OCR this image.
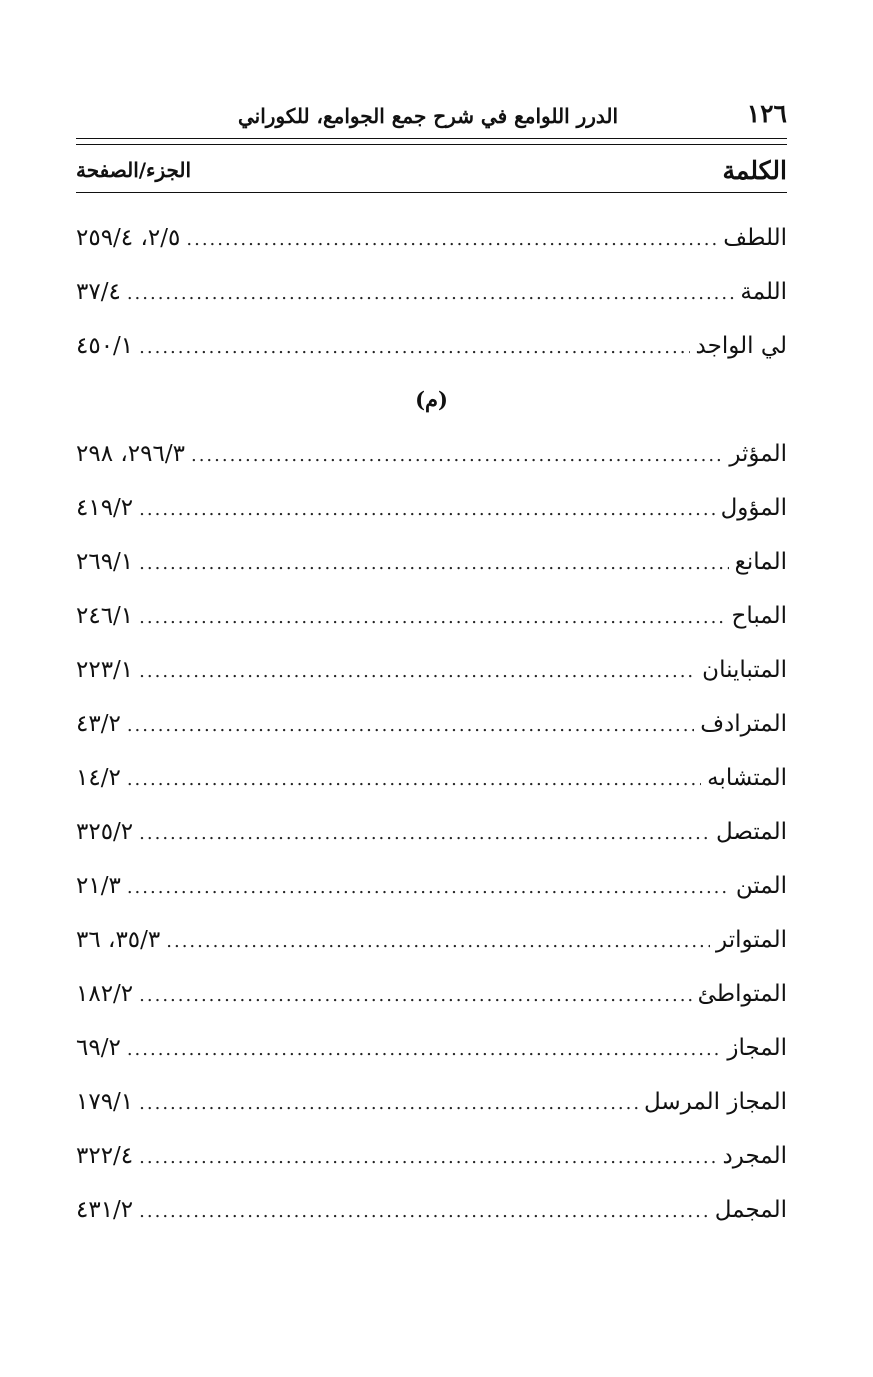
١٢٦
الدرر اللوامع في شرح جمع الجوامع، للكوراني
الكلمة
الجزء/الصفحة
اللطف
.....
٢/٥، ٢٥٩/٤
اللمة
.....
٣٧/٤
لي الواجد
.....
٤٥٠/١
(م)
المؤثر
.....
٢٩٦/٣، ٢٩٨
المؤول
.....
٤١٩/٢
المانع
.....
٢٦٩/١
المباح
.....
٢٤٦/١
المتباينان
.....
٢٢٣/١
المترادف
.....
٤٣/٢
المتشابه
.....
١٤/٢
المتصل
.....
٣٢٥/٢
المتن
.....
٢١/٣
المتواتر
.....
٣٥/٣، ٣٦
المتواطئ
.....
١٨٢/٢
المجاز
.....
٦٩/٢
المجاز المرسل
.....
١٧٩/١
المجرد
.....
٣٢٢/٤
المجمل
.....
٤٣١/٢
